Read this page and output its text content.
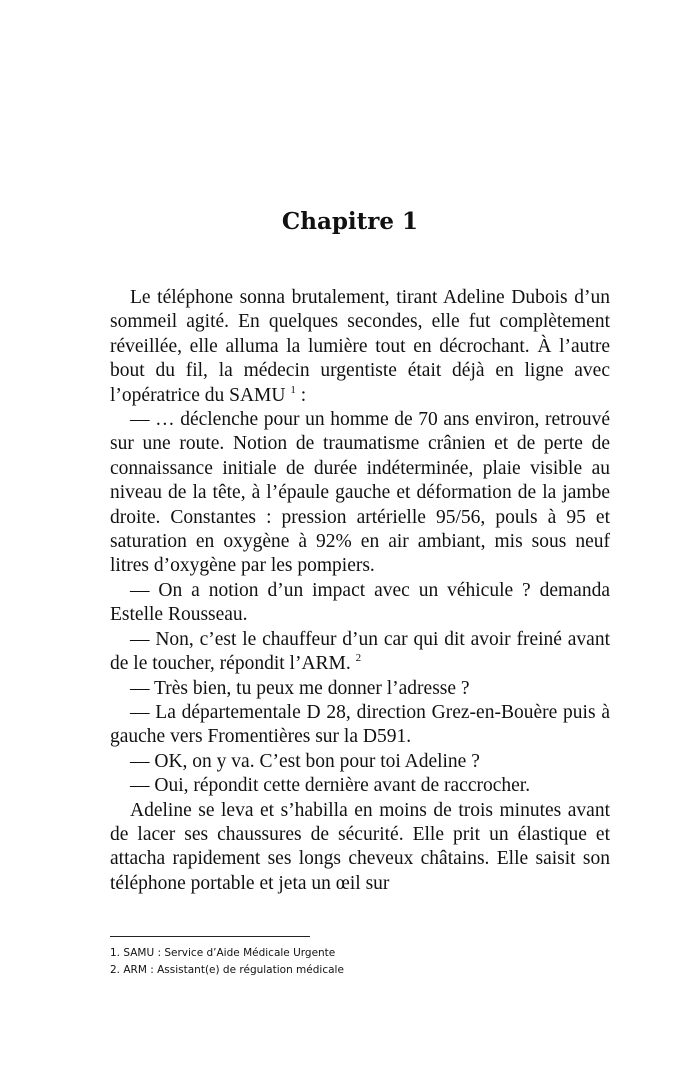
Chapitre 1

Le téléphone sonna brutalement, tirant Adeline Dubois d’un sommeil agité. En quelques secondes, elle fut complètement réveillée, elle alluma la lumière tout en décrochant. À l’autre bout du fil, la médecin urgentiste était déjà en ligne avec l’opératrice du SAMU $^1$ :

— … déclenche pour un homme de 70 ans environ, retrouvé sur une route. Notion de traumatisme crânien et de perte de connaissance initiale de durée indéterminée, plaie visible au niveau de la tête, à l’épaule gauche et déformation de la jambe droite. Constantes : pression artérielle 95/56, pouls à 95 et saturation en oxygène à 92% en air ambiant, mis sous neuf litres d’oxygène par les pompiers.

— On a notion d’un impact avec un véhicule ? demanda Estelle Rousseau.

— Non, c’est le chauffeur d’un car qui dit avoir freiné avant de le toucher, répondit l’ARM. $^2$

— Très bien, tu peux me donner l’adresse ?

— La départementale D 28, direction Grez-en-Bouère puis à gauche vers Fromentières sur la D591.

— OK, on y va. C’est bon pour toi Adeline ?

— Oui, répondit cette dernière avant de raccrocher.

Adeline se leva et s’habilla en moins de trois minutes avant de lacer ses chaussures de sécurité. Elle prit un élastique et attacha rapidement ses longs cheveux châtains. Elle saisit son téléphone portable et jeta un œil sur

1. SAMU : Service d’Aide Médicale Urgente
2. ARM : Assistant(e) de régulation médicale
